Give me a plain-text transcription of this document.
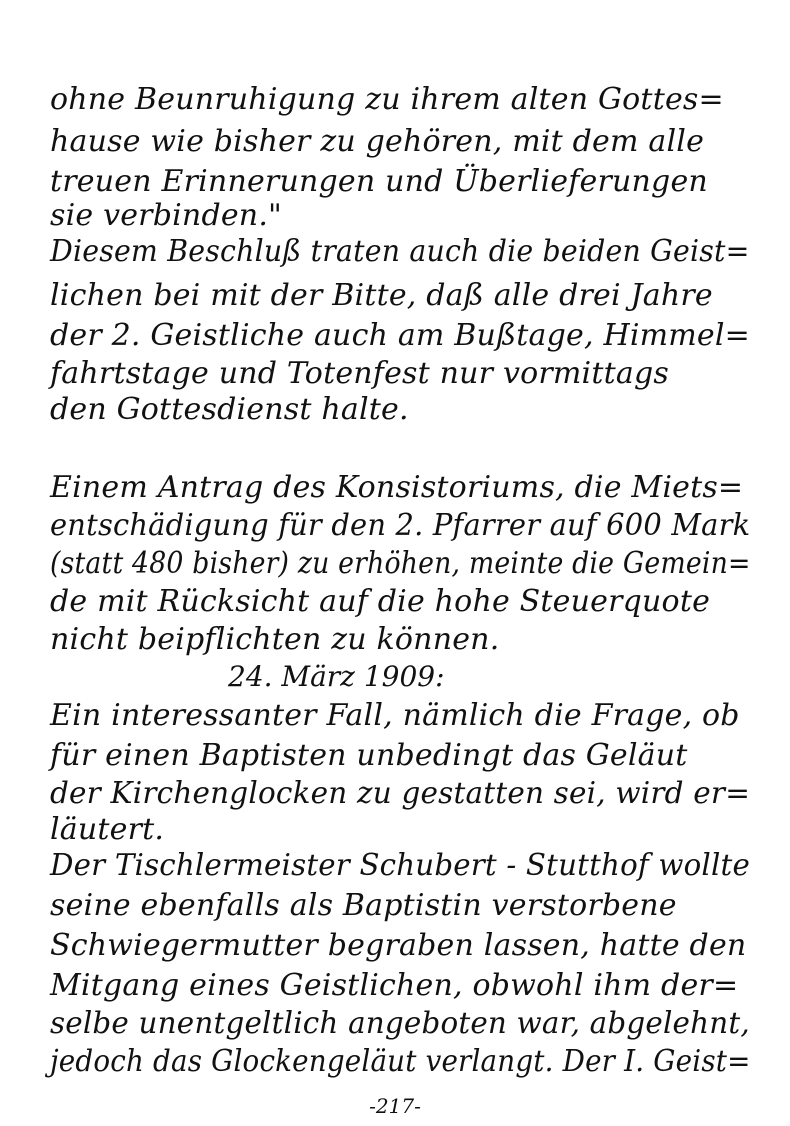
ohne Beunruhigung zu ihrem alten Gottes=
hause wie bisher zu gehören, mit dem alle
treuen Erinnerungen und Überlieferungen
sie verbinden."
Diesem Beschluß traten auch die beiden Geist=
lichen bei mit der Bitte, daß alle drei Jahre
der 2. Geistliche auch am Bußtage, Himmel=
fahrtstage und Totenfest nur vormittags
den Gottesdienst halte.
Einem Antrag des Konsistoriums, die Miets=
entschädigung für den 2. Pfarrer auf 600 Mark
(statt 480 bisher) zu erhöhen, meinte die Gemein=
de mit Rücksicht auf die hohe Steuerquote
nicht beipflichten zu können.
24. März 1909:
Ein interessanter Fall, nämlich die Frage, ob
für einen Baptisten unbedingt das Geläut
der Kirchenglocken zu gestatten sei, wird er=
läutert.
Der Tischlermeister Schubert - Stutthof wollte
seine ebenfalls als Baptistin verstorbene
Schwiegermutter begraben lassen, hatte den
Mitgang eines Geistlichen, obwohl ihm der=
selbe unentgeltlich angeboten war, abgelehnt,
jedoch das Glockengeläut verlangt. Der I. Geist=
-217-
